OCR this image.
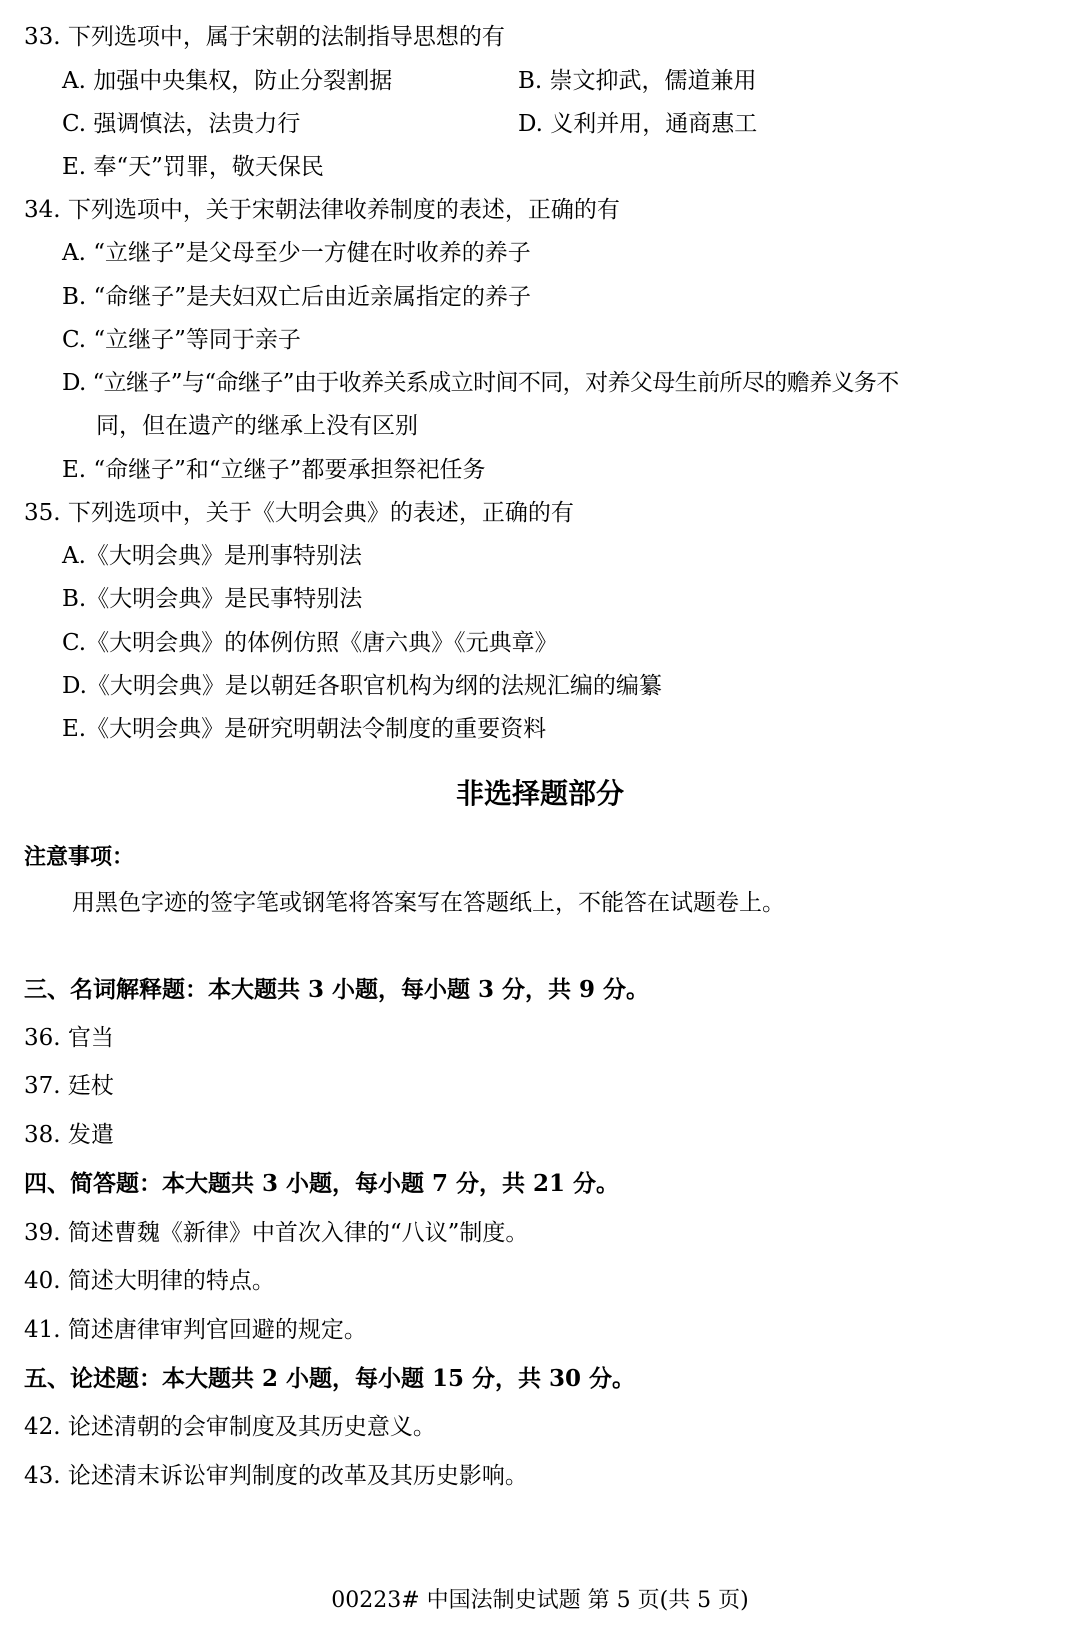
33. 下列选项中，属于宋朝的法制指导思想的有
A. 加强中央集权，防止分裂割据	B. 崇文抑武，儒道兼用
C. 强调慎法，法贵力行	D. 义利并用，通商惠工
E. 奉“天”罚罪，敬天保民
34. 下列选项中，关于宋朝法律收养制度的表述，正确的有
A. “立继子”是父母至少一方健在时收养的养子
B. “命继子”是夫妇双亡后由近亲属指定的养子
C. “立继子”等同于亲子
D. “立继子”与“命继子”由于收养关系成立时间不同，对养父母生前所尽的赡养义务不
同，但在遗产的继承上没有区别
E. “命继子”和“立继子”都要承担祭祀任务
35. 下列选项中，关于《大明会典》的表述，正确的有
A.《大明会典》是刑事特别法
B.《大明会典》是民事特别法
C.《大明会典》的体例仿照《唐六典》《元典章》
D.《大明会典》是以朝廷各职官机构为纲的法规汇编的编纂
E.《大明会典》是研究明朝法令制度的重要资料
非选择题部分
注意事项：
用黑色字迹的签字笔或钢笔将答案写在答题纸上，不能答在试题卷上。
三、名词解释题：本大题共 3 小题，每小题 3 分，共 9 分。
36. 官当
37. 廷杖
38. 发遣
四、简答题：本大题共 3 小题，每小题 7 分，共 21 分。
39. 简述曹魏《新律》中首次入律的“八议”制度。
40. 简述大明律的特点。
41. 简述唐律审判官回避的规定。
五、论述题：本大题共 2 小题，每小题 15 分，共 30 分。
42. 论述清朝的会审制度及其历史意义。
43. 论述清末诉讼审判制度的改革及其历史影响。
00223# 中国法制史试题 第 5 页(共 5 页)
